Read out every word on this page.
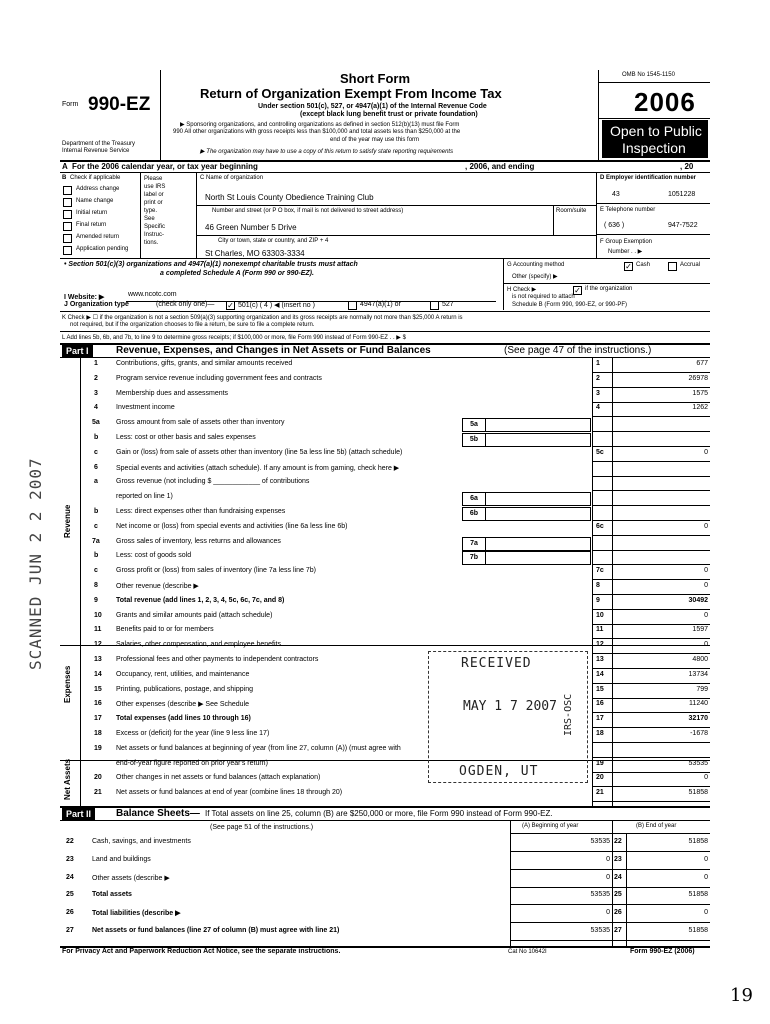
Form 990-EZ
Department of the Treasury
Internal Revenue Service
Short Form
Return of Organization Exempt From Income Tax
Under section 501(c), 527, or 4947(a)(1) of the Internal Revenue Code
(except black lung benefit trust or private foundation)
▶ Sponsoring organizations, and controlling organizations as defined in section 512(b)(13) must file Form
990 All other organizations with gross receipts less than $100,000 and total assets less than $250,000 at the
end of the year may use this form
▶ The organization may have to use a copy of this return to satisfy state reporting requirements
OMB No 1545-1150
2006
Open to Public
Inspection
A For the 2006 calendar year, or tax year beginning	, 2006, and ending	, 20
B Check if applicable
Address change
Name change
Initial return
Final return
Amended return
Application pending
Please
use IRS
label or
print or
type.
See
Specific
Instruc-
tions.
C Name of organization
North St Louis County Obedience Training Club
Number and street (or P O box, if mail is not delivered to street address)	Room/suite
46 Green Number 5 Drive
City or town, state or country, and ZIP + 4
St Charles, MO 63303-3334
D Employer identification number
43	1051228
E Telephone number
( 636 )	947-7522
F Group Exemption
Number . . ▶
• Section 501(c)(3) organizations and 4947(a)(1) nonexempt charitable trusts must attach
a completed Schedule A (Form 990 or 990-EZ).
G Accounting method	✓ Cash	Accrual
Other (specify) ▶
H Check ▶	✓ if the organization
is not required to attach
Schedule B (Form 990, 990-EZ, or 990-PF)
I Website: ▶	www.ncotc.com
J Organization type	(check only one)— ✓ 501(c) ( 4 ) ◀ (insert no )	4947(a)(1) or	527
K Check ▶ ☐ if the organization is not a section 509(a)(3) supporting organization and its gross receipts are normally not more than $25,000 A return is
not required, but if the organization chooses to file a return, be sure to file a complete return.
L Add lines 5b, 6b, and 7b, to line 9 to determine gross receipts; if $100,000 or more, file Form 990 instead of Form 990-EZ . . ▶ $
Part I	Revenue, Expenses, and Changes in Net Assets or Fund Balances	(See page 47 of the instructions.)
1	Contributions, gifts, grants, and similar amounts received	1	677
2	Program service revenue including government fees and contracts	2	26978
3	Membership dues and assessments	3	1575
4	Investment income	4	1262
5a Gross amount from sale of assets other than inventory	5a
b	Less: cost or other basis and sales expenses	5b
c	Gain or (loss) from sale of assets other than inventory (line 5a less line 5b) (attach schedule)	5c	0
6	Special events and activities (attach schedule). If any amount is from gaming, check here ▶
a	Gross revenue (not including $ ____________ of contributions
reported on line 1)	6a
b	Less: direct expenses other than fundraising expenses	6b
c	Net income or (loss) from special events and activities (line 6a less line 6b)	6c	0
7a Gross sales of inventory, less returns and allowances	7a
b	Less: cost of goods sold	7b
c	Gross profit or (loss) from sales of inventory (line 7a less line 7b)	7c	0
8	Other revenue (describe ▶	8	0
9	Total revenue (add lines 1, 2, 3, 4, 5c, 6c, 7c, and 8)	9	30492
10 Grants and similar amounts paid (attach schedule)	10	0
11 Benefits paid to or for members	11	1597
12 Salaries, other compensation, and employee benefits	12	0
13 Professional fees and other payments to independent contractors	13	4800
14 Occupancy, rent, utilities, and maintenance	14	13734
15 Printing, publications, postage, and shipping	15	799
16 Other expenses (describe ▶ See Schedule	16	11240
17 Total expenses (add lines 10 through 16)	17	32170
18 Excess or (deficit) for the year (line 9 less line 17)	18	-1678
19 Net assets or fund balances at beginning of year (from line 27, column (A)) (must agree with
end-of-year figure reported on prior year's return)	19	53535
20 Other changes in net assets or fund balances (attach explanation)	20	0
21 Net assets or fund balances at end of year (combine lines 18 through 20)	21	51858
Revenue
Expenses
Net Assets
Part II	Balance Sheets— If Total assets on line 25, column (B) are $250,000 or more, file Form 990 instead of Form 990-EZ.
(See page 51 of the instructions.)	(A) Beginning of year	(B) End of year
22	Cash, savings, and investments	53535 22	51858
23	Land and buildings	0 23	0
24	Other assets (describe ▶	0 24	0
25	Total assets	53535 25	51858
26	Total liabilities (describe ▶	0 26	0
27	Net assets or fund balances (line 27 of column (B) must agree with line 21)	53535 27	51858
For Privacy Act and Paperwork Reduction Act Notice, see the separate instructions.	Cat No 10642I	Form 990-EZ (2006)
RECEIVED
MAY 1 7 2007
OGDEN, UT
IRS-OSC
SCANNED JUN 2 2 2007
19
